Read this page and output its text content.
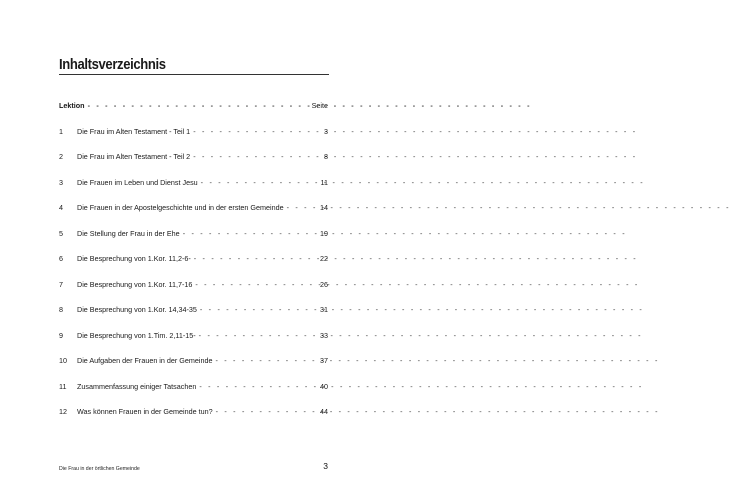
Inhaltsverzeichnis
Lektion - - -	Seite
1	Die Frau im Alten Testament - Teil 1 - - -	3
2	Die Frau im Alten Testament - Teil 2 - - -	8
3	Die Frauen im Leben und Dienst Jesu - - -	11
4	Die Frauen in der Apostelgeschichte und in der ersten Gemeinde - - -	14
5	Die Stellung der Frau in der Ehe - - -	19
6	Die Besprechung von 1.Kor. 11,2-6- - - -	22
7	Die Besprechung von 1.Kor. 11,7-16 - - -	26
8	Die Besprechung von 1.Kor. 14,34-35 - - -	31
9	Die Besprechung von 1.Tim. 2,11-15- - - -	33
10	Die Aufgaben der Frauen in der Gemeinde - - -	37
11	Zusammenfassung einiger Tatsachen - - -	40
12	Was können Frauen in der Gemeinde tun? - - -	44
Die Frau in der örtlichen Gemeinde	3
